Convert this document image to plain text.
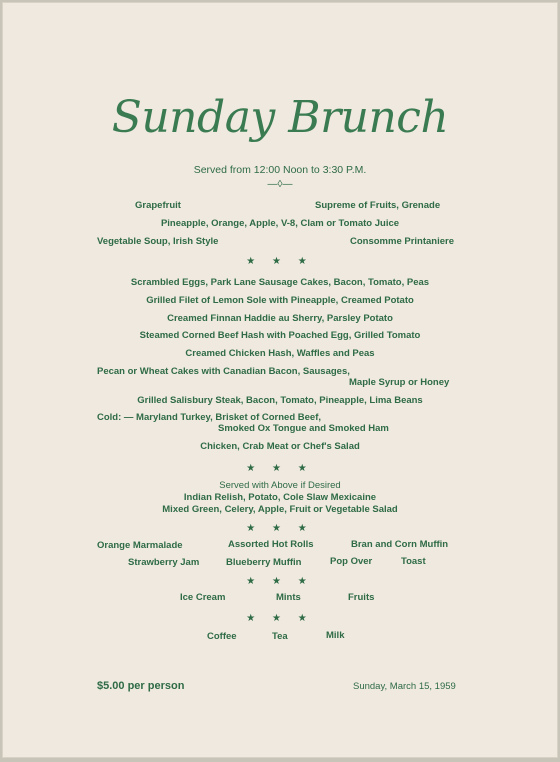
Sunday Brunch
Served from 12:00 Noon to 3:30 P.M.
—◊—
Grapefruit	Supreme of Fruits, Grenade
Pineapple, Orange, Apple, V-8, Clam or Tomato Juice
Vegetable Soup, Irish Style	Consomme Printaniere
★ ★ ★
Scrambled Eggs, Park Lane Sausage Cakes, Bacon, Tomato, Peas
Grilled Filet of Lemon Sole with Pineapple, Creamed Potato
Creamed Finnan Haddie au Sherry, Parsley Potato
Steamed Corned Beef Hash with Poached Egg, Grilled Tomato
Creamed Chicken Hash, Waffles and Peas
Pecan or Wheat Cakes with Canadian Bacon, Sausages,
Maple Syrup or Honey
Grilled Salisbury Steak, Bacon, Tomato, Pineapple, Lima Beans
Cold: — Maryland Turkey, Brisket of Corned Beef,
Smoked Ox Tongue and Smoked Ham
Chicken, Crab Meat or Chef's Salad
★ ★ ★
Served with Above if Desired
Indian Relish, Potato, Cole Slaw Mexicaine
Mixed Green, Celery, Apple, Fruit or Vegetable Salad
★ ★ ★
Orange Marmalade	Assorted Hot Rolls	Bran and Corn Muffin
Strawberry Jam	Blueberry Muffin	Pop Over	Toast
★ ★ ★
Ice Cream	Mints	Fruits
★ ★ ★
Coffee	Tea	Milk
$5.00 per person	Sunday, March 15, 1959
